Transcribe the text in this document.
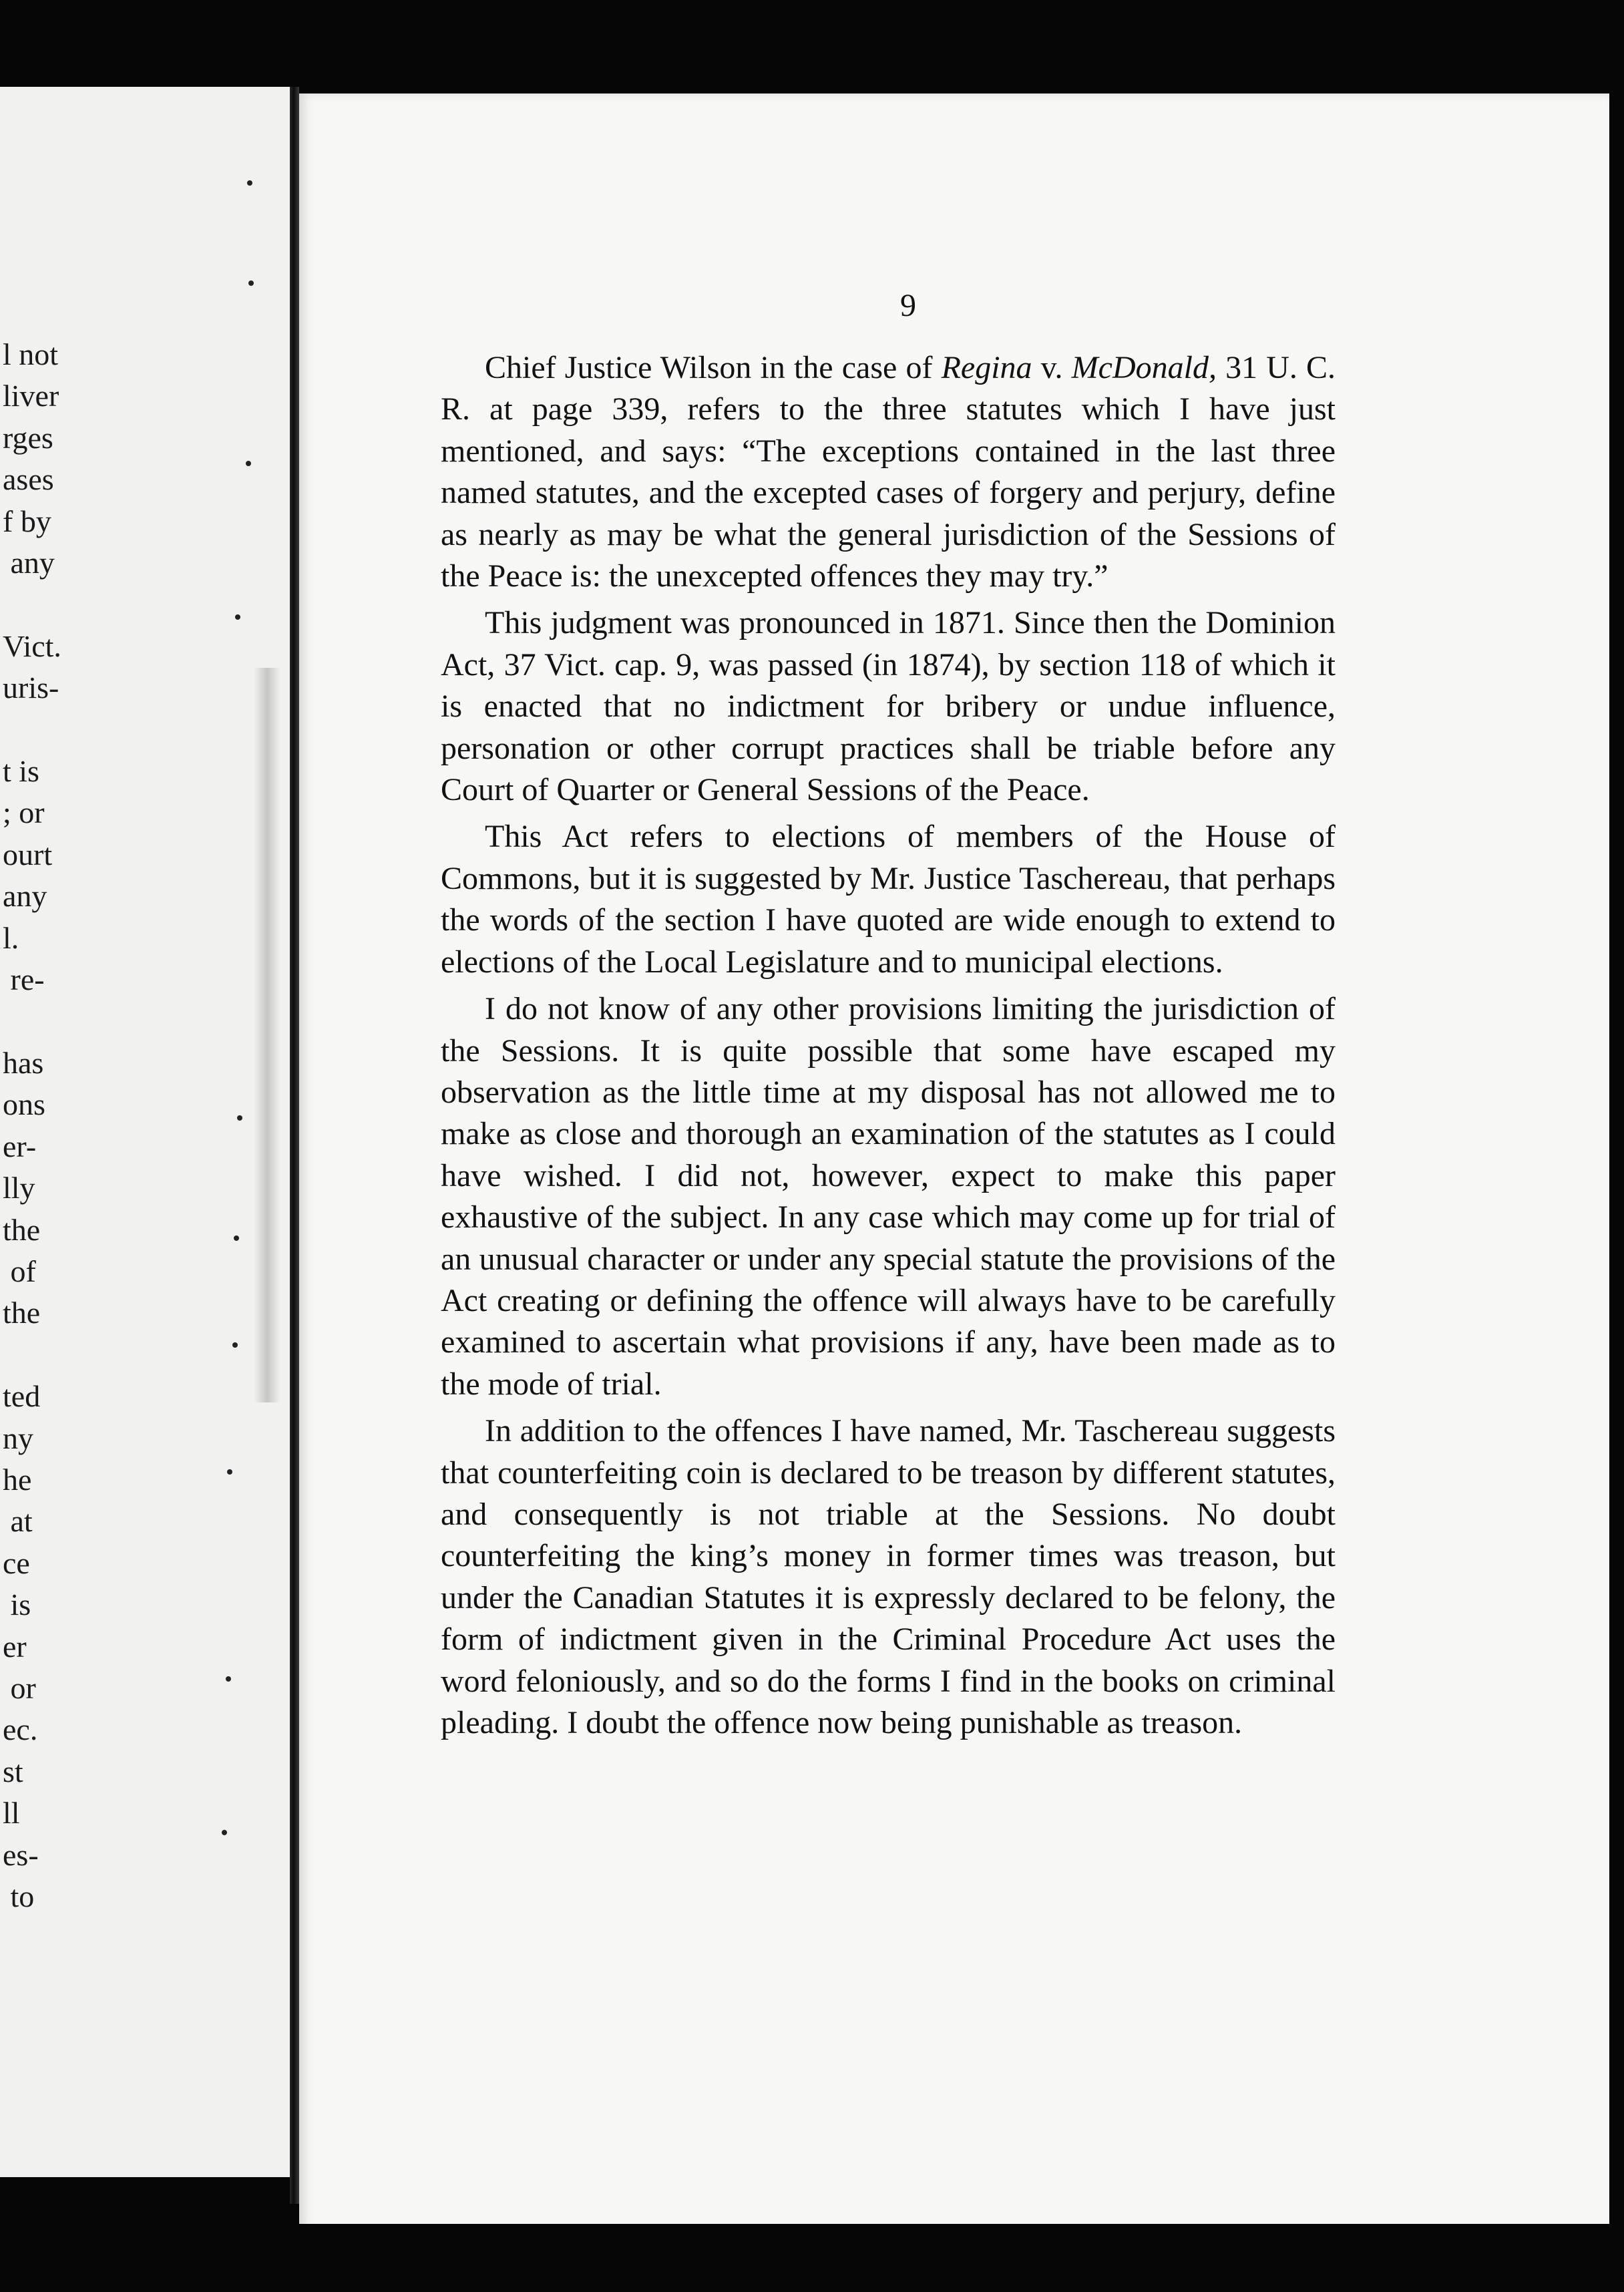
l not
liver
rges
ases
f by
any

Vict.
uris-

t is
; or
ourt
any
l.
re-

has
ons
er-
lly
the
of
the

ted
ny
he
at
ce
is
er
or
ec.
st
ll
es-
to
9

Chief Justice Wilson in the case of Regina v. McDonald, 31 U. C. R. at page 339, refers to the three statutes which I have just mentioned, and says: “The exceptions contained in the last three named statutes, and the excepted cases of forgery and perjury, define as nearly as may be what the general jurisdiction of the Sessions of the Peace is: the unexcepted offences they may try.”

This judgment was pronounced in 1871. Since then the Dominion Act, 37 Vict. cap. 9, was passed (in 1874), by section 118 of which it is enacted that no indictment for bribery or undue influence, personation or other corrupt practices shall be triable before any Court of Quarter or General Sessions of the Peace.

This Act refers to elections of members of the House of Commons, but it is suggested by Mr. Justice Taschereau, that perhaps the words of the section I have quoted are wide enough to extend to elections of the Local Legislature and to municipal elections.

I do not know of any other provisions limiting the jurisdiction of the Sessions. It is quite possible that some have escaped my observation as the little time at my disposal has not allowed me to make as close and thorough an examination of the statutes as I could have wished. I did not, however, expect to make this paper exhaustive of the subject. In any case which may come up for trial of an unusual character or under any special statute the provisions of the Act creating or defining the offence will always have to be carefully examined to ascertain what provisions if any, have been made as to the mode of trial.

In addition to the offences I have named, Mr. Taschereau suggests that counterfeiting coin is declared to be treason by different statutes, and consequently is not triable at the Sessions. No doubt counterfeiting the king’s money in former times was treason, but under the Canadian Statutes it is expressly declared to be felony, the form of indictment given in the Criminal Procedure Act uses the word feloniously, and so do the forms I find in the books on criminal pleading. I doubt the offence now being punishable as treason.
